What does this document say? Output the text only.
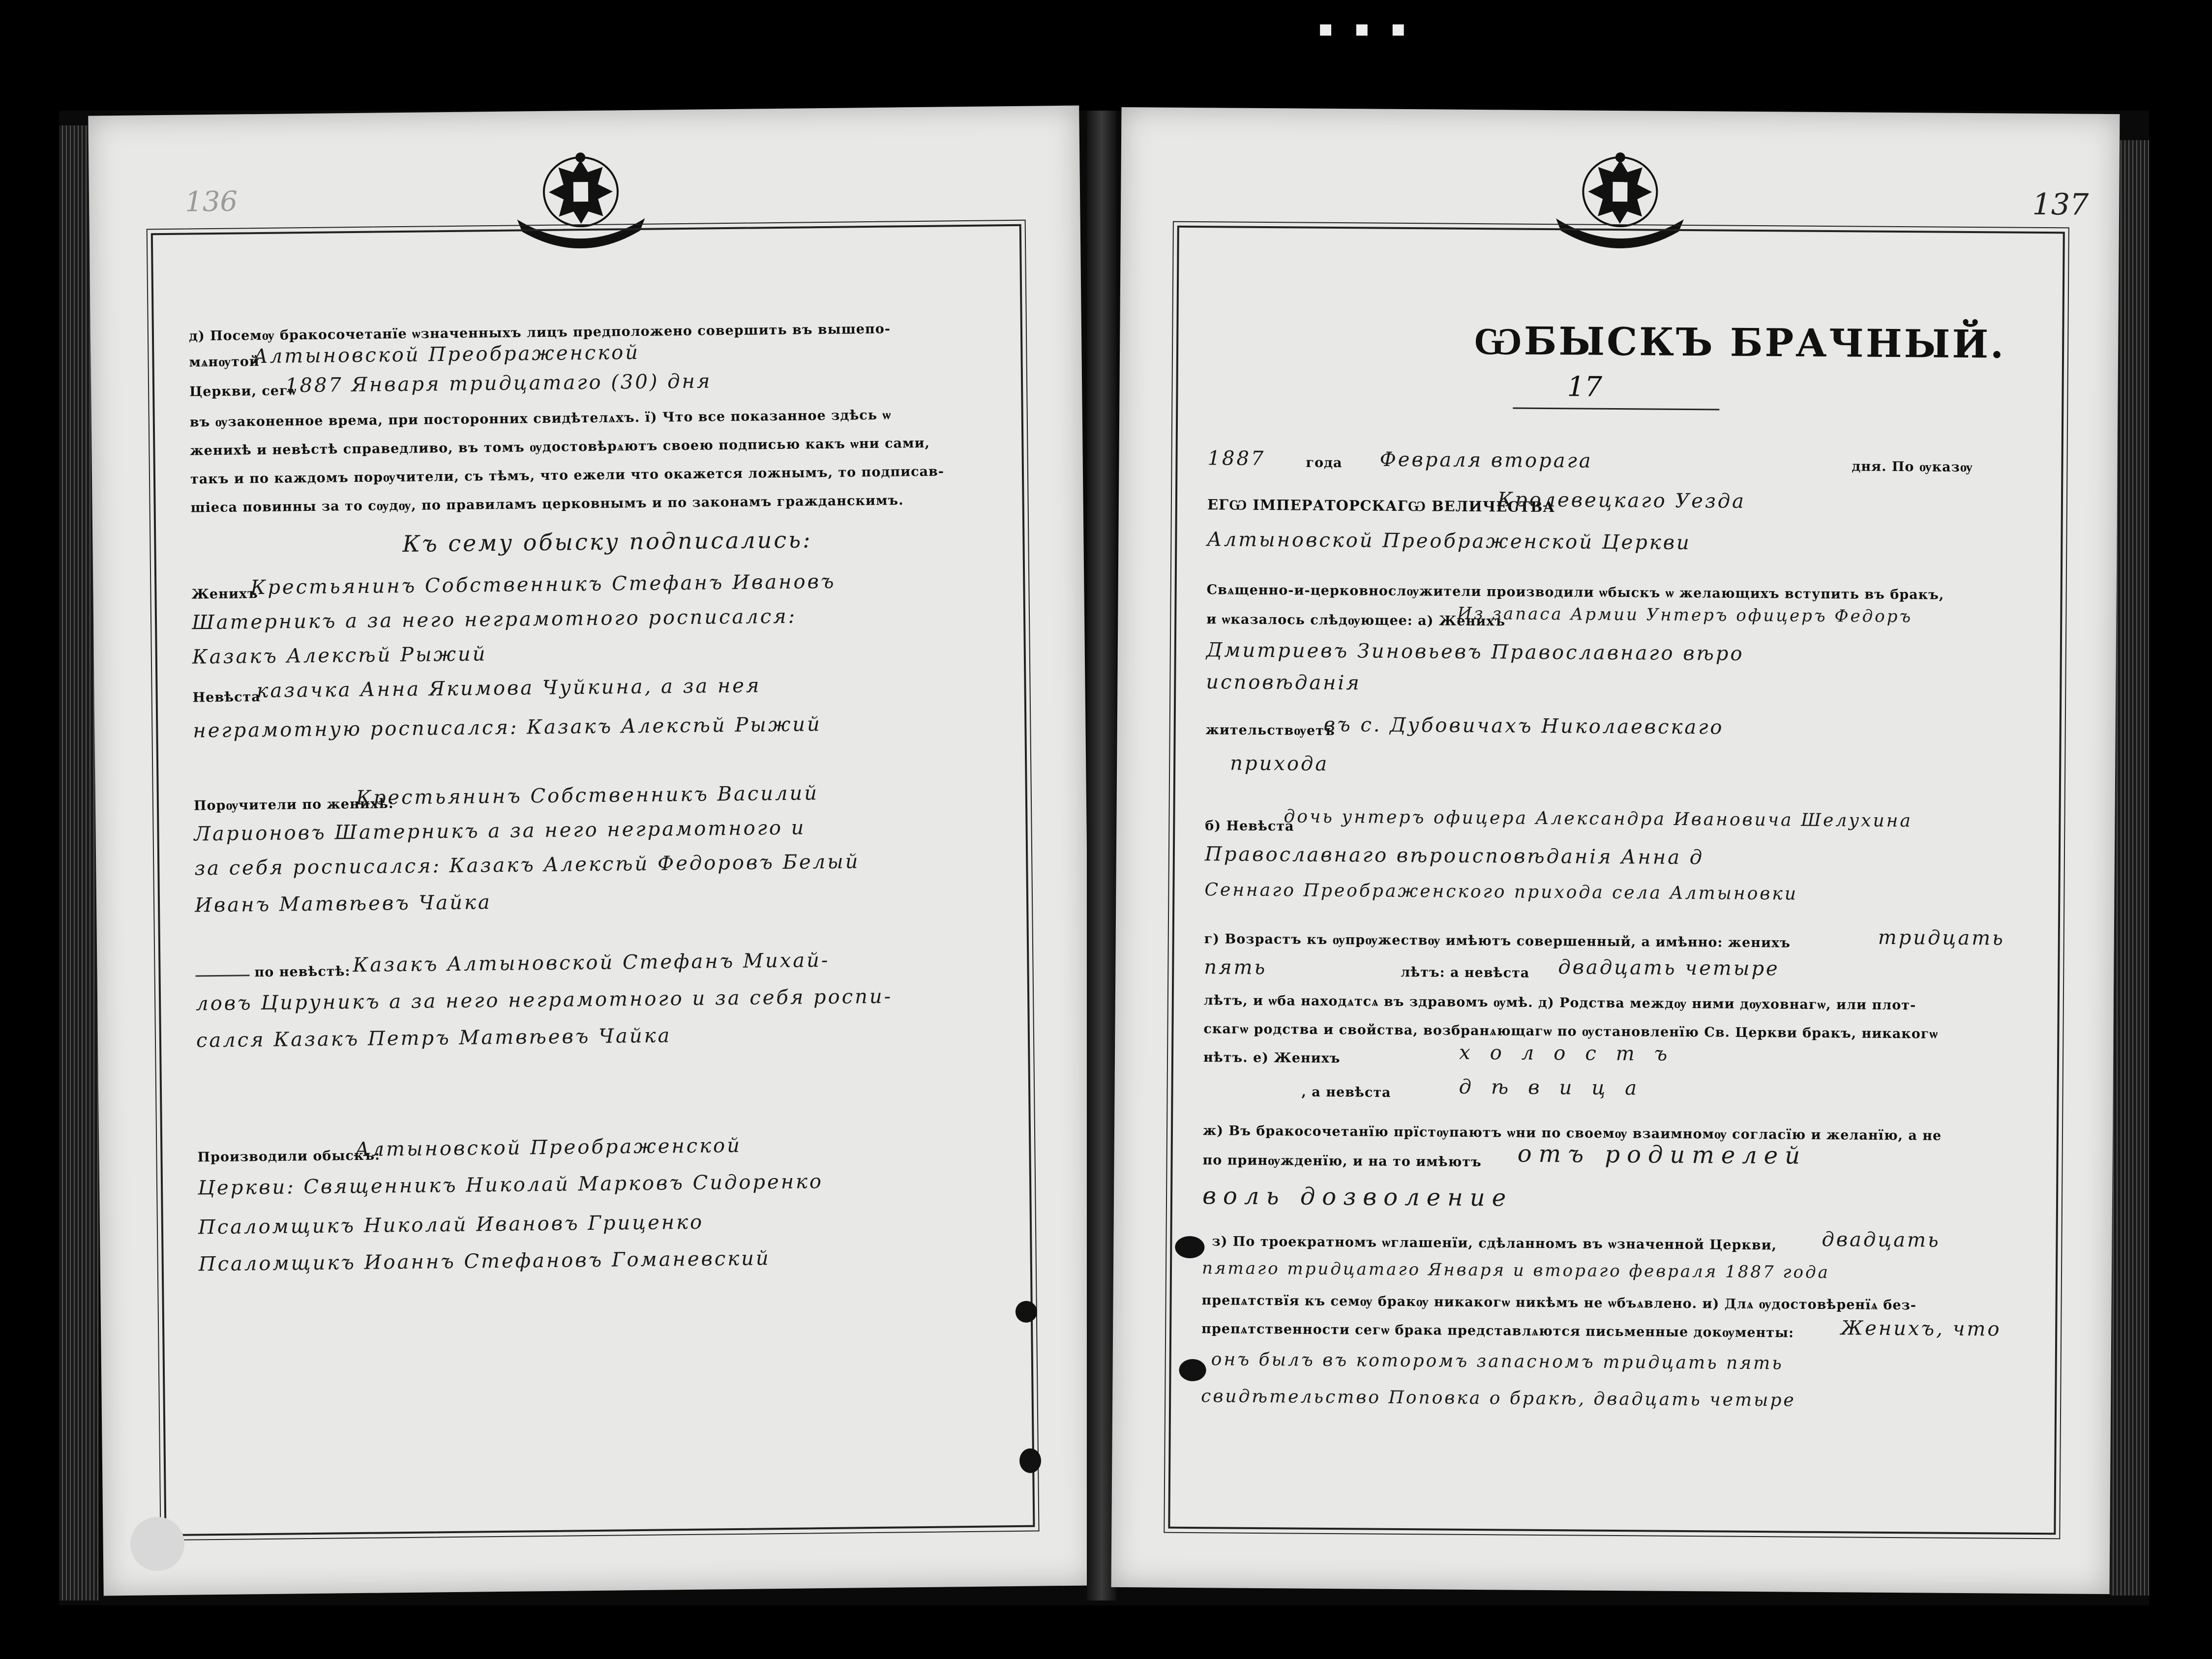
▪ ▪ ▪
136
д) Посемѹ бракосочетанїе ѡзначенныхъ лицъ предположено совершить въ вышепо-
мѧнѹтой
Алтыновской Преображенской
Церкви, сегѡ
1887 Января тридцатаго (30) дня
въ ѹзаконенное врема, при посторонних свидѣтелѧхъ. ї) Что все показанное здѣсь ѡ
женихѣ и невѣстѣ справедливо, въ томъ ѹдостовѣрѧютъ своею подписью какъ ѡни сами,
такъ и по каждомъ порѹчители, съ тѣмъ, что ежели что окажется ложнымъ, то подписав-
шіеса повинны за то сѹдѹ, по правиламъ церковнымъ и по законамъ гражданскимъ.
Къ сему обыску подписались:
Женихъ
Крестьянинъ Собственникъ Стефанъ Ивановъ
Шатерникъ а за него неграмотного росписался:
Казакъ Алексѣй Рыжий
Невѣста
казачка Анна Якимова Чуйкина, а за нея
неграмотную росписался: Казакъ Алексѣй Рыжий
Порѹчители по женихѣ:
Крестьянинъ Собственникъ Василий
Ларионовъ Шатерникъ а за него неграмотного и
за себя росписался: Казакъ Алексѣй Федоровъ Белый
Иванъ Матвѣевъ Чайка
по невѣстѣ: Казакъ Алтыновской Стефанъ Михай-
ловъ Цируникъ а за него неграмотного и за себя роспи-
сался Казакъ Петръ Матвѣевъ Чайка
Производили обыскъ:
Алтыновской Преображенской
Церкви: Священникъ Николай Марковъ Сидоренко
Псаломщикъ Николай Ивановъ Гриценко
Псаломщикъ Иоаннъ Стефановъ Гоманевский
137
ѠБЫСКЪ БРАЧНЫЙ.
17
1887	года Февраля вторага	дня. По ѹказѹ
ЕГѠ ІМПЕРАТОРСКАГѠ ВЕЛИЧЕСТВА
Кролевецкаго Уезда
Алтыновской Преображенской Церкви
Свѧщенно-и-церковнослѹжители производили ѡбыскъ ѡ желающихъ вступить въ бракъ,
и ѡказалось слѣдѹющее: а) Женихъ
Из запаса Армии Унтеръ офицеръ Федоръ
Дмитриевъ Зиновьевъ Православнаго вѣро
исповѣданія
жительствѹетъ
въ с. Дубовичахъ Николаевскаго
прихода
б) Невѣста
дочь унтеръ офицера Александра Ивановича Шелухина
Православнаго вѣроисповѣданія Анна д
Сеннаго Преображенского прихода села Алтыновки
г) Возрастъ къ ѹпрѹжествѹ имѣютъ совершенный, а имѣнно: женихъ	тридцать
пять	лѣтъ: а невѣста двадцать четыре
лѣтъ, и ѡба находѧтсѧ въ здравомъ ѹмѣ. д) Родства междѹ ними дѹховнагѡ, или плот-
скагѡ родства и свойства, возбранѧющагѡ по ѹстановленїю Св. Церкви бракъ, никакогѡ
нѣтъ. е) Женихъ	холостъ
, а невѣста	дѣвица
ж) Въ бракосочетанїю прїстѹпаютъ ѡни по своемѹ взаимномѹ согласїю и желанїю, а не
по принѹжденїю, и на то имѣютъ отъ родителей
воль дозволение
з) По троекратномъ ѡглашенїи, сдѣланномъ въ ѡзначенной Церкви, двадцать
пятаго тридцатаго Января и втораго февраля 1887 года
препѧтствїя къ семѹ бракѹ никакогѡ никѣмъ не ѡбъѧвлено. и) Длѧ ѹдостовѣренїѧ без-
препѧтственности сегѡ брака представлѧются письменные докѹменты: Женихъ, что
онъ былъ въ которомъ запасномъ тридцать пять
свидѣтельство Поповка о бракѣ, двадцать четыре
